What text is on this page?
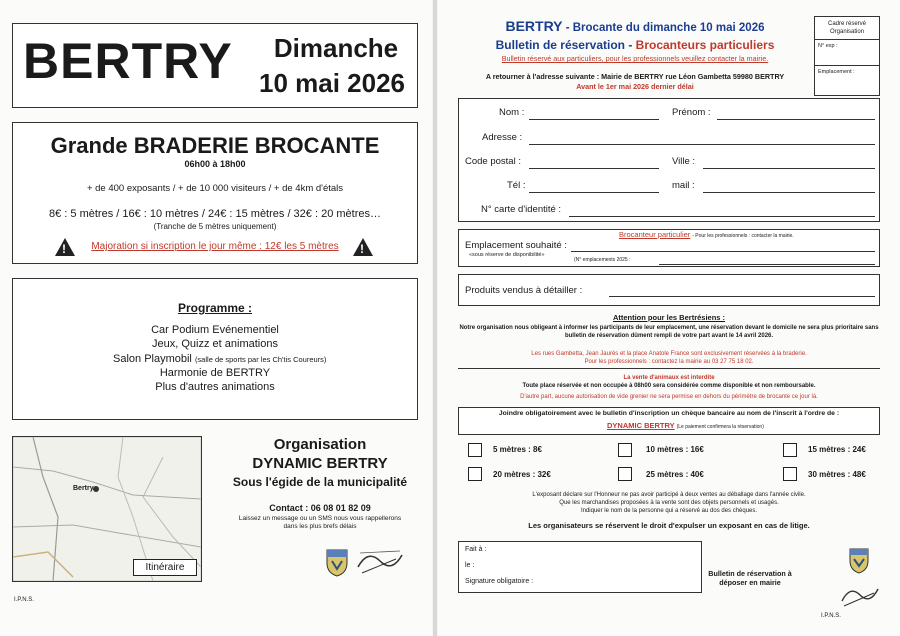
BERTRY	Dimanche
10 mai 2026
Grande BRADERIE BROCANTE
06h00 à 18h00
+ de 400 exposants / + de 10 000 visiteurs / + de 4km d'étals
8€ : 5 mètres / 16€ : 10 mètres / 24€ : 15 mètres / 32€ : 20 mètres…
(Tranche de 5 mètres uniquement)
!	Majoration si inscription le jour même : 12€ les 5 mètres	!
Programme :
Car Podium Evénementiel
Jeux, Quizz et animations
Salon Playmobil (salle de sports par les Ch'tis Coureurs)
Harmonie de BERTRY
Plus d'autres animations
Bertry
Itinéraire
Organisation
DYNAMIC BERTRY
Sous l'égide de la municipalité
Contact : 06 08 01 82 09
Laissez un message ou un SMS nous vous rappellerons
dans les plus brefs délais
I.P.N.S.
BERTRY - Brocante du dimanche 10 mai 2026
Bulletin de réservation - Brocanteurs particuliers
Bulletin réservé aux particuliers, pour les professionnels veuillez contacter la mairie.
A retourner à l'adresse suivante : Mairie de BERTRY rue Léon Gambetta 59980 BERTRY
Avant le 1er mai 2026 dernier délai
Cadre réservé Organisation
N° exp :
Emplacement :
Nom :	Prénom :
Adresse :
Code postal :	Ville :
Tél :	mail :
N° carte d'identité :
Brocanteur particulier - Pour les professionnels : contacter la mairie.
Emplacement souhaité :
«sous réserve de disponibilité»
(N° emplacements 2025 :
Produits vendus à détailler :
Attention pour les Bertrésiens :
Notre organisation nous obligeant à informer les participants de leur emplacement, une réservation devant le domicile ne sera plus prioritaire sans bulletin de réservation dûment rempli de votre part avant le 14 avril 2026.
Les rues Gambetta, Jean Jaurès et la place Anatole France sont exclusivement réservées à la braderie.
Pour les professionnels : contactez la mairie au 03 27 75 18 02.
La vente d'animaux est interdite
Toute place réservée et non occupée à 08h00 sera considérée comme disponible et non remboursable.
D'autre part, aucune autorisation de vide grenier ne sera permise en dehors du périmètre de brocante ce jour là.
Joindre obligatoirement avec le bulletin d'inscription un chèque bancaire au nom de l'inscrit à l'ordre de :
DYNAMIC BERTRY (Le paiement confirmera la réservation)
5 mètres : 8€	10 mètres : 16€	15 mètres : 24€
20 mètres : 32€	25 mètres : 40€	30 mètres : 48€
L'exposant déclare sur l'Honneur ne pas avoir participé à deux ventes au déballage dans l'année civile.
Que les marchandises proposées à la vente sont des objets personnels et usagés.
Indiquer le nom de la personne qui a réservé au dos des chèques.
Les organisateurs se réservent le droit d'expulser un exposant en cas de litige.
Fait à :
le :
Signature obligatoire :
Bulletin de réservation à déposer en mairie
I.P.N.S.
